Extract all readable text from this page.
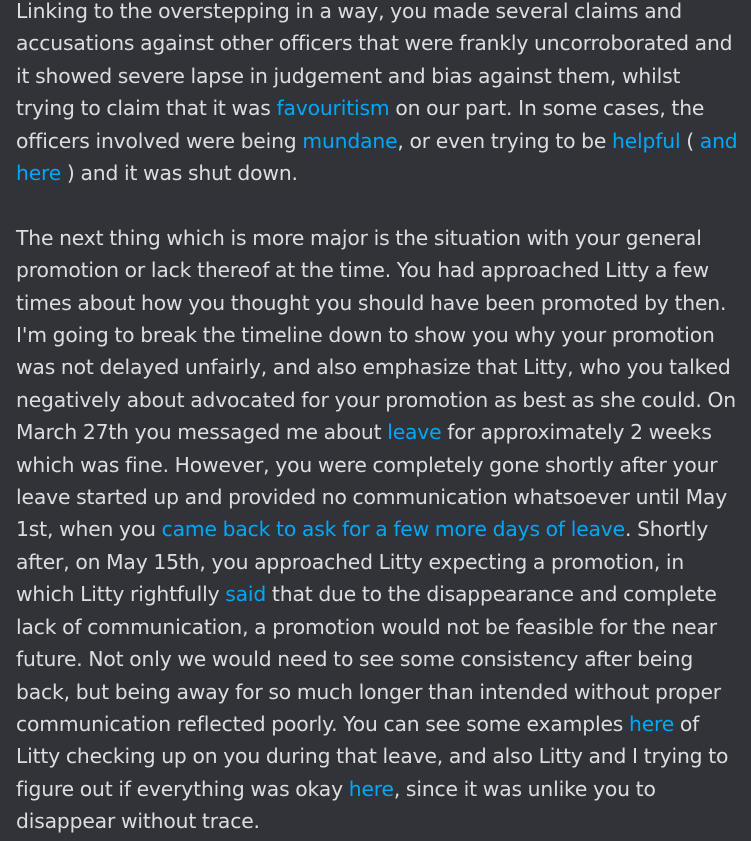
Linking to the overstepping in a way, you made several claims and accusations against other officers that were frankly uncorroborated and it showed severe lapse in judgement and bias against them, whilst trying to claim that it was favouritism on our part. In some cases, the officers involved were being mundane, or even trying to be helpful ( and here ) and it was shut down.

The next thing which is more major is the situation with your general promotion or lack thereof at the time. You had approached Litty a few times about how you thought you should have been promoted by then. I'm going to break the timeline down to show you why your promotion was not delayed unfairly, and also emphasize that Litty, who you talked negatively about advocated for your promotion as best as she could. On March 27th you messaged me about leave for approximately 2 weeks which was fine. However, you were completely gone shortly after your leave started up and provided no communication whatsoever until May 1st, when you came back to ask for a few more days of leave. Shortly after, on May 15th, you approached Litty expecting a promotion, in which Litty rightfully said that due to the disappearance and complete lack of communication, a promotion would not be feasible for the near future. Not only we would need to see some consistency after being back, but being away for so much longer than intended without proper communication reflected poorly. You can see some examples here of Litty checking up on you during that leave, and also Litty and I trying to figure out if everything was okay here, since it was unlike you to disappear without trace.
